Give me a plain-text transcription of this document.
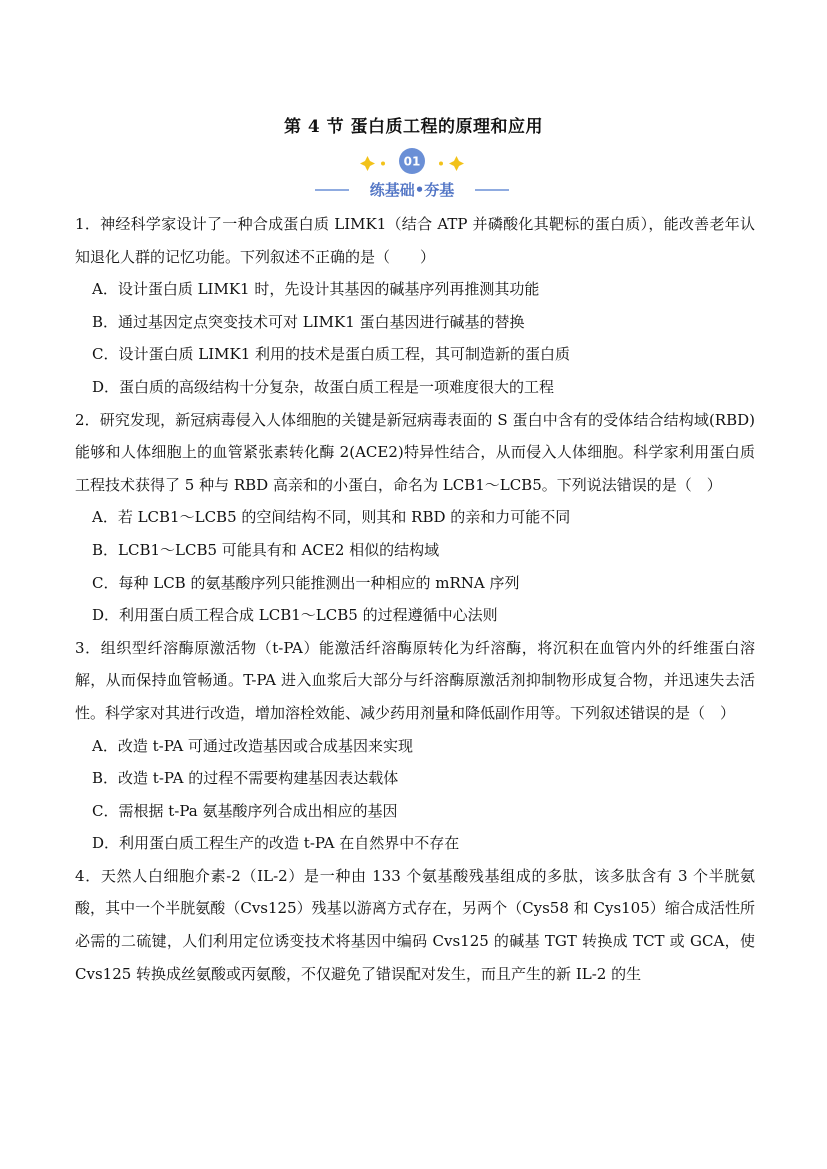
第 4 节 蛋白质工程的原理和应用
01
练基础•夯基

1．神经科学家设计了一种合成蛋白质 LIMK1（结合 ATP 并磷酸化其靶标的蛋白质），能改善老年认知退化人群的记忆功能。下列叙述不正确的是（　　）

A．设计蛋白质 LIMK1 时，先设计其基因的碱基序列再推测其功能

B．通过基因定点突变技术可对 LIMK1 蛋白基因进行碱基的替换

C．设计蛋白质 LIMK1 利用的技术是蛋白质工程，其可制造新的蛋白质

D．蛋白质的高级结构十分复杂，故蛋白质工程是一项难度很大的工程

2．研究发现，新冠病毒侵入人体细胞的关键是新冠病毒表面的 S 蛋白中含有的受体结合结构域(RBD)能够和人体细胞上的血管紧张素转化酶 2(ACE2)特异性结合，从而侵入人体细胞。科学家利用蛋白质工程技术获得了 5 种与 RBD 高亲和的小蛋白，命名为 LCB1～LCB5。下列说法错误的是（　）

A．若 LCB1～LCB5 的空间结构不同，则其和 RBD 的亲和力可能不同

B．LCB1～LCB5 可能具有和 ACE2 相似的结构域

C．每种 LCB 的氨基酸序列只能推测出一种相应的 mRNA 序列

D．利用蛋白质工程合成 LCB1～LCB5 的过程遵循中心法则

3．组织型纤溶酶原激活物（t-PA）能激活纤溶酶原转化为纤溶酶，将沉积在血管内外的纤维蛋白溶解，从而保持血管畅通。T-PA 进入血浆后大部分与纤溶酶原激活剂抑制物形成复合物，并迅速失去活性。科学家对其进行改造，增加溶栓效能、减少药用剂量和降低副作用等。下列叙述错误的是（　）

A．改造 t-PA 可通过改造基因或合成基因来实现

B．改造 t-PA 的过程不需要构建基因表达载体

C．需根据 t-Pa 氨基酸序列合成出相应的基因

D．利用蛋白质工程生产的改造 t-PA 在自然界中不存在

4．天然人白细胞介素-2（IL-2）是一种由 133 个氨基酸残基组成的多肽，该多肽含有 3 个半胱氨酸，其中一个半胱氨酸（Cvs125）残基以游离方式存在，另两个（Cys58 和 Cys105）缩合成活性所必需的二硫键，人们利用定位诱变技术将基因中编码 Cvs125 的碱基 TGT 转换成 TCT 或 GCA，使 Cvs125 转换成丝氨酸或丙氨酸，不仅避免了错误配对发生，而且产生的新 IL-2 的生
